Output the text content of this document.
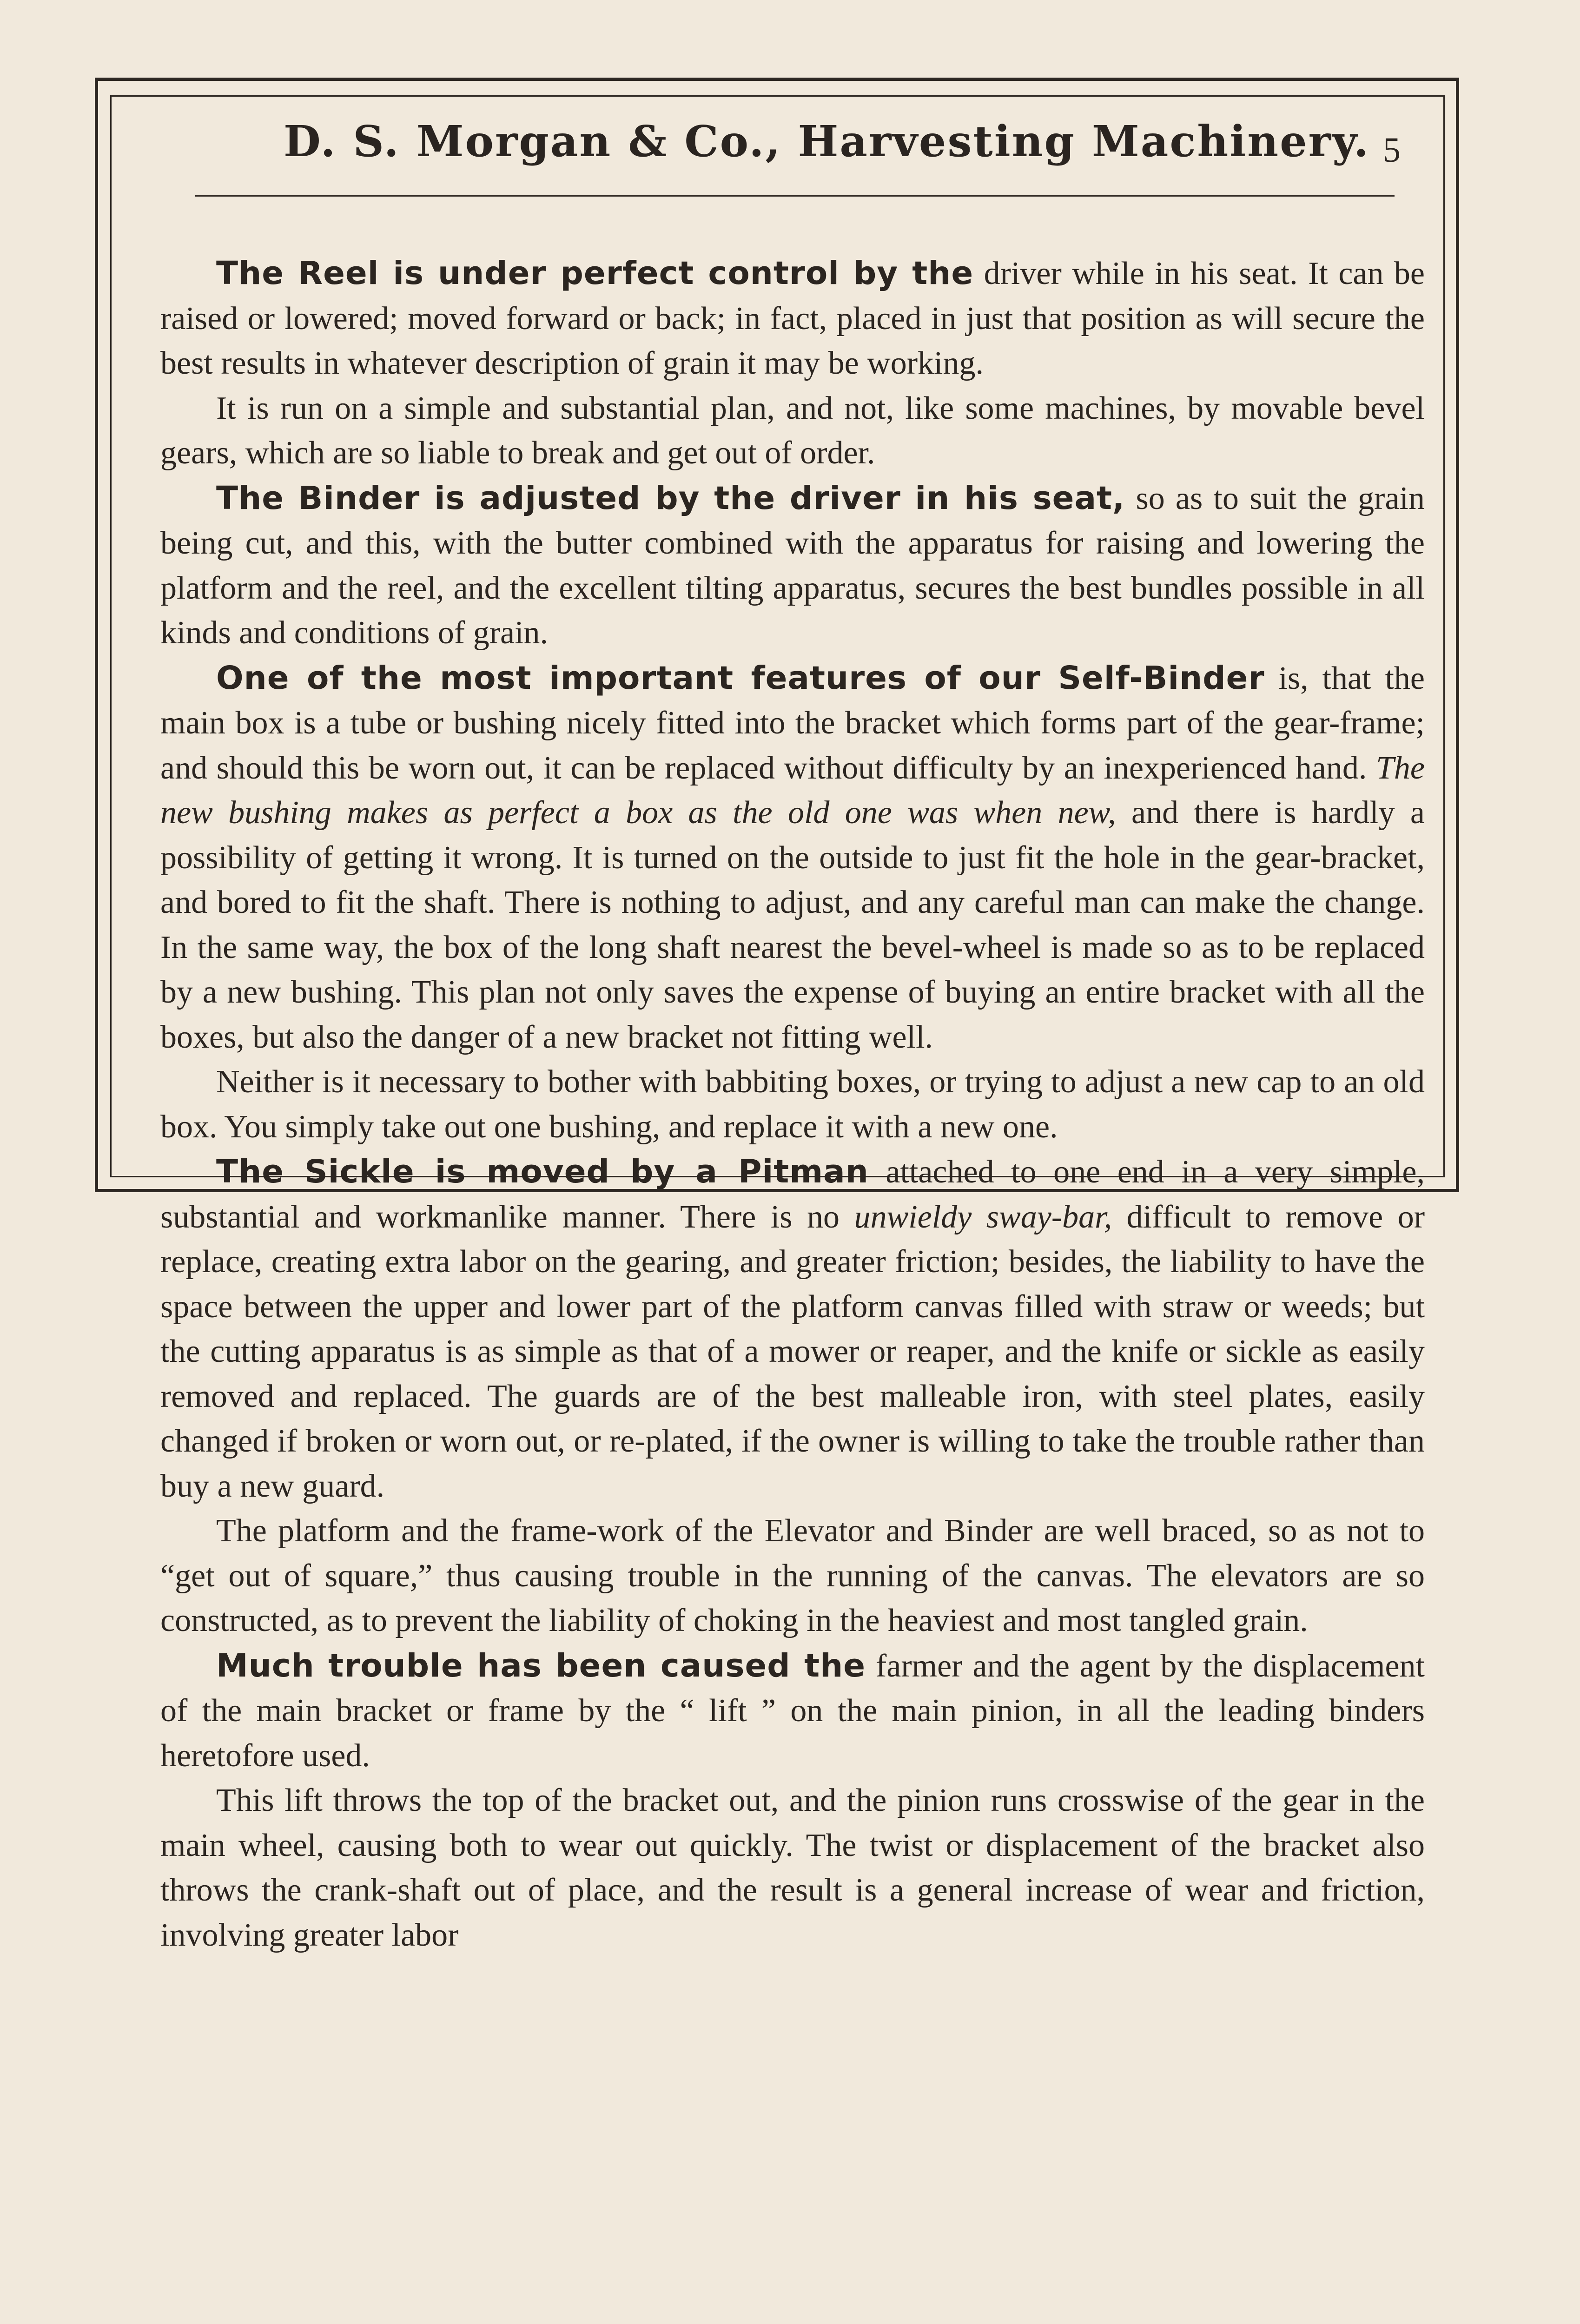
D. S. Morgan & Co., Harvesting Machinery. 5

The Reel is under perfect control by the driver while in his seat. It can be raised or lowered; moved forward or back; in fact, placed in just that position as will secure the best results in whatever description of grain it may be working.

It is run on a simple and substantial plan, and not, like some machines, by movable bevel gears, which are so liable to break and get out of order.

The Binder is adjusted by the driver in his seat, so as to suit the grain being cut, and this, with the butter combined with the apparatus for raising and lowering the platform and the reel, and the excellent tilting apparatus, secures the best bundles possible in all kinds and conditions of grain.

One of the most important features of our Self-Binder is, that the main box is a tube or bushing nicely fitted into the bracket which forms part of the gear-frame; and should this be worn out, it can be replaced without difficulty by an inexperienced hand. The new bushing makes as perfect a box as the old one was when new, and there is hardly a possibility of getting it wrong. It is turned on the outside to just fit the hole in the gear-bracket, and bored to fit the shaft. There is nothing to adjust, and any careful man can make the change. In the same way, the box of the long shaft nearest the bevel-wheel is made so as to be replaced by a new bushing. This plan not only saves the expense of buying an entire bracket with all the boxes, but also the danger of a new bracket not fitting well.

Neither is it necessary to bother with babbiting boxes, or trying to adjust a new cap to an old box. You simply take out one bushing, and replace it with a new one.

The Sickle is moved by a Pitman attached to one end in a very simple, substantial and workmanlike manner. There is no unwieldy sway-bar, difficult to remove or replace, creating extra labor on the gearing, and greater friction; besides, the liability to have the space between the upper and lower part of the platform canvas filled with straw or weeds; but the cutting apparatus is as simple as that of a mower or reaper, and the knife or sickle as easily removed and replaced. The guards are of the best malleable iron, with steel plates, easily changed if broken or worn out, or re-plated, if the owner is willing to take the trouble rather than buy a new guard.

The platform and the frame-work of the Elevator and Binder are well braced, so as not to “get out of square,” thus causing trouble in the running of the canvas. The elevators are so constructed, as to prevent the liability of choking in the heaviest and most tangled grain.

Much trouble has been caused the farmer and the agent by the displacement of the main bracket or frame by the “ lift ” on the main pinion, in all the leading binders heretofore used.

This lift throws the top of the bracket out, and the pinion runs crosswise of the gear in the main wheel, causing both to wear out quickly. The twist or displacement of the bracket also throws the crank-shaft out of place, and the result is a general increase of wear and friction, involving greater labor
